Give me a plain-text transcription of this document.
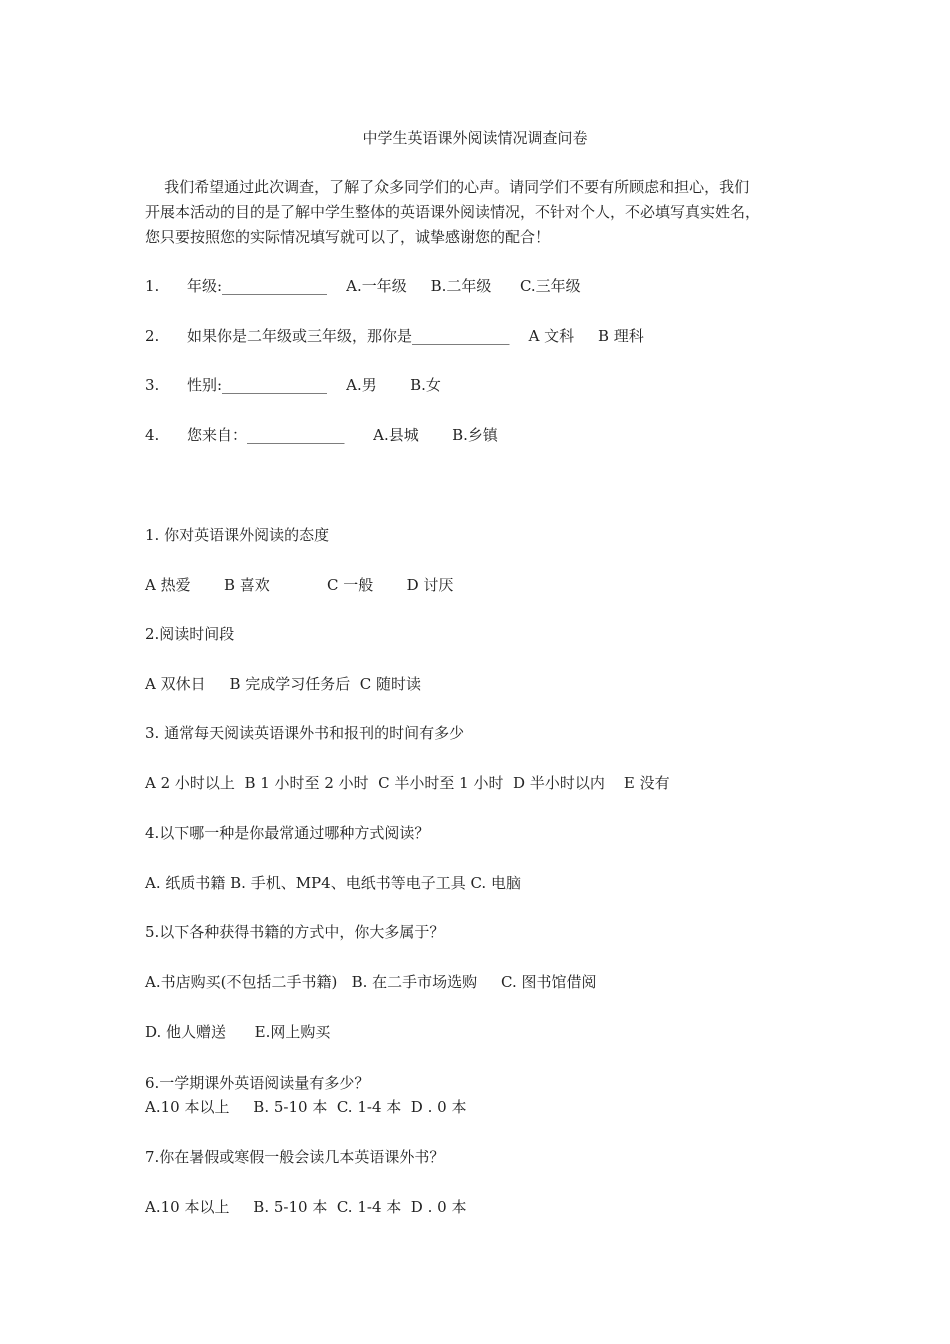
中学生英语课外阅读情况调查问卷
我们希望通过此次调查，了解了众多同学们的心声。请同学们不要有所顾虑和担心，我们
开展本活动的目的是了解中学生整体的英语课外阅读情况，不针对个人，不必填写真实姓名，
您只要按照您的实际情况填写就可以了，诚挚感谢您的配合！
1. 年级:______________    A.一年级     B.二年级      C.三年级
2. 如果你是二年级或三年级，那你是_____________    A 文科     B 理科
3. 性别:______________    A.男       B.女
4. 您来自：_____________      A.县城       B.乡镇
1. 你对英语课外阅读的态度
A 热爱       B 喜欢            C 一般       D 讨厌
2.阅读时间段
A 双休日     B 完成学习任务后  C 随时读
3. 通常每天阅读英语课外书和报刊的时间有多少
A 2 小时以上  B 1 小时至 2 小时  C 半小时至 1 小时  D 半小时以内    E 没有
4.以下哪一种是你最常通过哪种方式阅读？
A. 纸质书籍 B. 手机、MP4、电纸书等电子工具 C. 电脑
5.以下各种获得书籍的方式中，你大多属于？
A.书店购买(不包括二手书籍)   B. 在二手市场选购     C. 图书馆借阅
D. 他人赠送      E.网上购买
6.一学期课外英语阅读量有多少？
A.10 本以上     B. 5-10 本  C. 1-4 本  D . 0 本
7.你在暑假或寒假一般会读几本英语课外书？
A.10 本以上     B. 5-10 本  C. 1-4 本  D . 0 本
